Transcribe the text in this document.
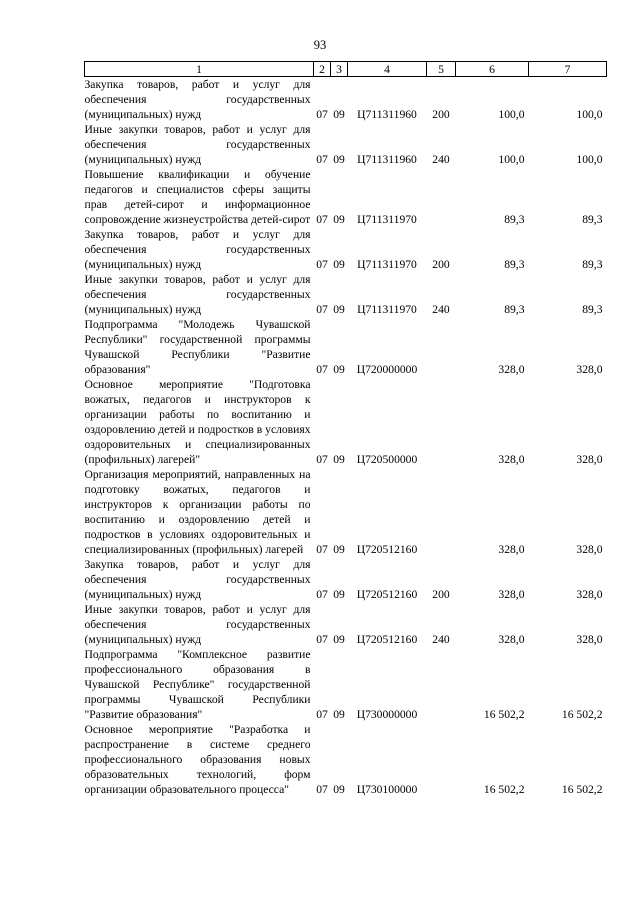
93
1	2	3	4	5	6	7
Закупка товаров, работ и услуг для обеспечения государственных (муниципальных) нужд	07	09	Ц711311960	200	100,0	100,0
Иные закупки товаров, работ и услуг для обеспечения государственных (муниципальных) нужд	07	09	Ц711311960	240	100,0	100,0
Повышение квалификации и обучение педагогов и специалистов сферы защиты прав детей-сирот и информационное сопровождение жизнеустройства детей-сирот	07	09	Ц711311970		89,3	89,3
Закупка товаров, работ и услуг для обеспечения государственных (муниципальных) нужд	07	09	Ц711311970	200	89,3	89,3
Иные закупки товаров, работ и услуг для обеспечения государственных (муниципальных) нужд	07	09	Ц711311970	240	89,3	89,3
Подпрограмма "Молодежь Чувашской Республики" государственной программы Чувашской Республики "Развитие образования"	07	09	Ц720000000		328,0	328,0
Основное мероприятие "Подготовка вожатых, педагогов и инструкторов к организации работы по воспитанию и оздоровлению детей и подростков в условиях оздоровительных и специализированных (профильных) лагерей"	07	09	Ц720500000		328,0	328,0
Организация мероприятий, направленных на подготовку вожатых, педагогов и инструкторов к организации работы по воспитанию и оздоровлению детей и подростков в условиях оздоровительных и специализированных (профильных) лагерей	07	09	Ц720512160		328,0	328,0
Закупка товаров, работ и услуг для обеспечения государственных (муниципальных) нужд	07	09	Ц720512160	200	328,0	328,0
Иные закупки товаров, работ и услуг для обеспечения государственных (муниципальных) нужд	07	09	Ц720512160	240	328,0	328,0
Подпрограмма "Комплексное развитие профессионального образования в Чувашской Республике" государственной программы Чувашской Республики "Развитие образования"	07	09	Ц730000000		16 502,2	16 502,2
Основное мероприятие "Разработка и распространение в системе среднего профессионального образования новых образовательных технологий, форм организации образовательного процесса"	07	09	Ц730100000		16 502,2	16 502,2
